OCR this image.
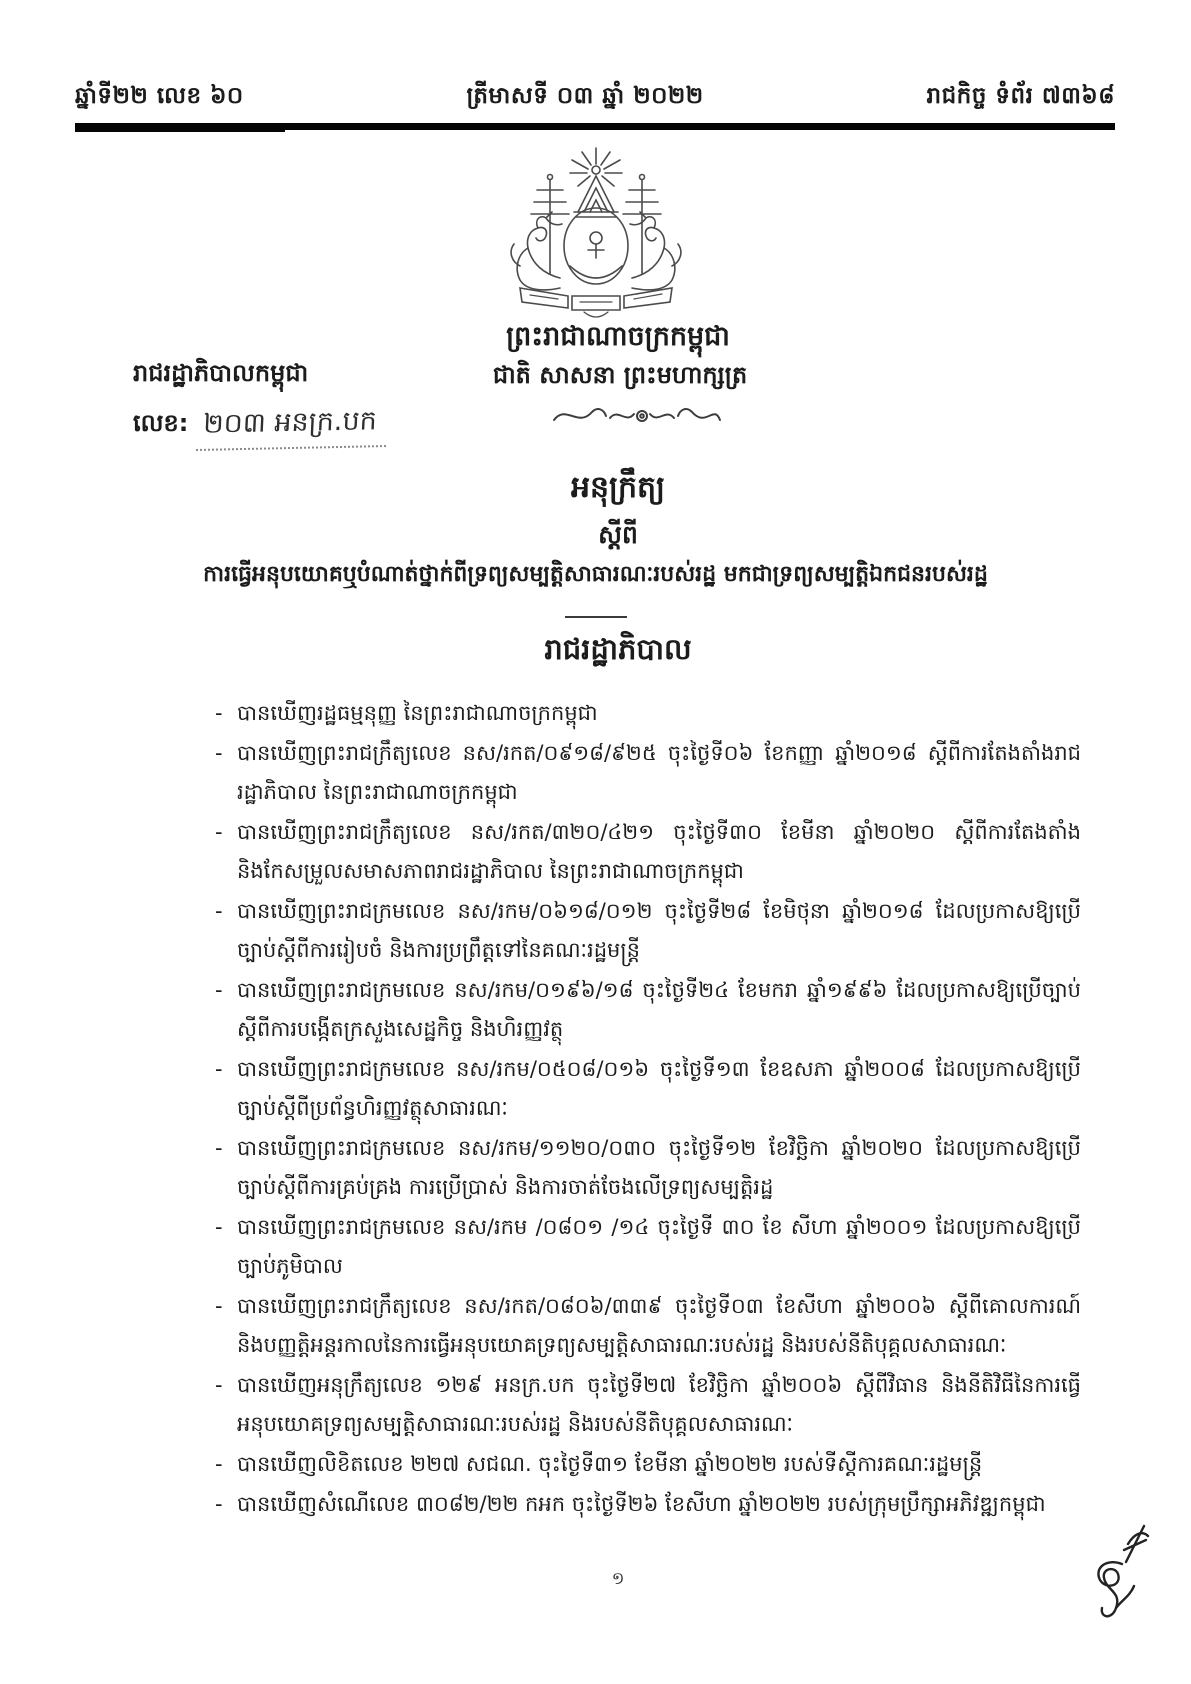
ឆ្នាំទី២២ លេខ ៦០	ត្រីមាសទី ០៣ ឆ្នាំ ២០២២	រាជកិច្ច ទំព័រ ៧៣៦៨
ព្រះរាជាណាចក្រកម្ពុជា
រាជរដ្ឋាភិបាលកម្ពុជា	ជាតិ សាសនា ព្រះមហាក្សត្រ
លេខ: ២០៣ អនក្រ.បក
អនុក្រឹត្យ
ស្តីពី
ការធ្វើអនុបយោគឬបំណាត់ថ្នាក់ពីទ្រព្យសម្បត្តិសាធារណៈរបស់រដ្ឋ មកជាទ្រព្យសម្បត្តិឯកជនរបស់រដ្ឋ
រាជរដ្ឋាភិបាល
- បានឃើញរដ្ឋធម្មនុញ្ញ នៃព្រះរាជាណាចក្រកម្ពុជា
- បានឃើញព្រះរាជក្រឹត្យលេខ នស/រកត/០៩១៨/៩២៥ ចុះថ្ងៃទី០៦ ខែកញ្ញា ឆ្នាំ២០១៨ ស្តីពីការតែងតាំងរាជរដ្ឋាភិបាល នៃព្រះរាជាណាចក្រកម្ពុជា
- បានឃើញព្រះរាជក្រឹត្យលេខ នស/រកត/៣២០/៤២១ ចុះថ្ងៃទី៣០ ខែមីនា ឆ្នាំ២០២០ ស្តីពីការតែងតាំងនិងកែសម្រួលសមាសភាពរាជរដ្ឋាភិបាល នៃព្រះរាជាណាចក្រកម្ពុជា
- បានឃើញព្រះរាជក្រមលេខ នស/រកម/០៦១៨/០១២ ចុះថ្ងៃទី២៨ ខែមិថុនា ឆ្នាំ២០១៨ ដែលប្រកាសឱ្យប្រើច្បាប់ស្តីពីការរៀបចំ និងការប្រព្រឹត្តទៅនៃគណៈរដ្ឋមន្ត្រី
- បានឃើញព្រះរាជក្រមលេខ នស/រកម/០១៩៦/១៨ ចុះថ្ងៃទី២៤ ខែមករា ឆ្នាំ១៩៩៦ ដែលប្រកាសឱ្យប្រើច្បាប់ស្តីពីការបង្កើតក្រសួងសេដ្ឋកិច្ច និងហិរញ្ញវត្ថុ
- បានឃើញព្រះរាជក្រមលេខ នស/រកម/០៥០៨/០១៦ ចុះថ្ងៃទី១៣ ខែឧសភា ឆ្នាំ២០០៨ ដែលប្រកាសឱ្យប្រើច្បាប់ស្តីពីប្រព័ន្ធហិរញ្ញវត្ថុសាធារណៈ
- បានឃើញព្រះរាជក្រមលេខ នស/រកម/១១២០/០៣០ ចុះថ្ងៃទី១២ ខែវិច្ឆិកា ឆ្នាំ២០២០ ដែលប្រកាសឱ្យប្រើច្បាប់ស្តីពីការគ្រប់គ្រង ការប្រើប្រាស់ និងការចាត់ចែងលើទ្រព្យសម្បត្តិរដ្ឋ
- បានឃើញព្រះរាជក្រមលេខ នស/រកម /០៨០១ /១៤ ចុះថ្ងៃទី ៣០ ខែ សីហា ឆ្នាំ២០០១ ដែលប្រកាសឱ្យប្រើច្បាប់ភូមិបាល
- បានឃើញព្រះរាជក្រឹត្យលេខ នស/រកត/០៨០៦/៣៣៩ ចុះថ្ងៃទី០៣ ខែសីហា ឆ្នាំ២០០៦ ស្តីពីគោលការណ៍ និងបញ្ញត្តិអន្តរកាលនៃការធ្វើអនុបយោគទ្រព្យសម្បត្តិសាធារណៈរបស់រដ្ឋ និងរបស់នីតិបុគ្គលសាធារណៈ
- បានឃើញអនុក្រឹត្យលេខ ១២៩ អនក្រ.បក ចុះថ្ងៃទី២៧ ខែវិច្ឆិកា ឆ្នាំ២០០៦ ស្តីពីវិធាន និងនីតិវិធីនៃការធ្វើអនុបយោគទ្រព្យសម្បត្តិសាធារណៈរបស់រដ្ឋ និងរបស់នីតិបុគ្គលសាធារណៈ
- បានឃើញលិខិតលេខ ២២៧ សជណ. ចុះថ្ងៃទី៣១ ខែមីនា ឆ្នាំ២០២២ របស់ទីស្តីការគណៈរដ្ឋមន្ត្រី
- បានឃើញសំណើលេខ ៣០៨២/២២ កអក ចុះថ្ងៃទី២៦ ខែសីហា ឆ្នាំ២០២២ របស់ក្រុមប្រឹក្សាអភិវឌ្ឍកម្ពុជា
១
